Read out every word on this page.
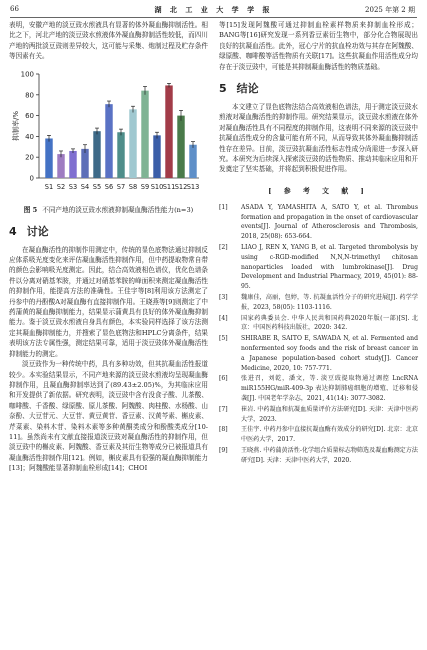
66	湖 北 工 业 大 学 学 报	2025 年第 2 期

表明，安徽产地的淡豆豉水煎液具有显著的体外凝血酶抑制活性。相比之下，河北产地的淡豆豉水煎液体外凝血酶抑制活性较低，而四川产地的两批淡豆豉则差异较大，这可能与采集、炮制过程及贮存条件等因素有关。

0
20
40
60
80
100
抑制率/%
S1 S2 S3 S4 S5 S6 S7 S8 S9 S10 S11 S12 S13
图 5 不同产地的淡豆豉水煎液抑制凝血酶活性能力(n=3)
4 讨论

在凝血酶活性的抑制作用测定中，传统的显色底物法通过抑制反应体系吸光度变化来评估凝血酶活性抑制作用，但中药提取物常自带的颜色会影响吸光度测定。因此，结合高效液相色谱仪，优化色谱条件以分离对硝基苯胺，并通过对硝基苯胺的峰面积来测定凝血酶活性的抑制作用，能提高方法的准确性。王佳宇等[8]利用该方法测定了丹参中的丹酚酸A对凝血酶有直接抑制作用。王晓燕等[9]则测定了中药蒲黄的凝血酶抑制能力，结果显示蒲黄具有良好的体外凝血酶抑制能力。鉴于淡豆豉水煎液自身具有颜色，本实验同样选择了该方法测定其凝血酶抑制能力，并搜索了显色底物法和HPLC分离条件，结果表明该方法专属性强，测定结果可靠，适用于淡豆豉体外凝血酶活性抑制能力的测定。

淡豆豉作为一种传统中药，具有多种功效，但其抗凝血活性报道较少。本实验结果显示，不同产地来源的淡豆豉水煎液均呈现凝血酶抑制作用，且凝血酶抑制率达到了(89.43±2.05)%，为其临床应用和开发提供了新依据。研究表明，淡豆豉中含有没食子酸、儿茶酸、咖啡酸、千香酸、绿原酸、原儿茶酸、阿魏酸、肉桂酸、水杨酸、山奈酚、大豆苷元、大豆苷、黄豆黄苷、香豆素、汉黄芩素、槲皮素、芹菜素、染料木苷、染料木素等多种黄酮类成分和酚酸类成分[10-11]。虽然尚未有文献直接报道淡豆豉对凝血酶活性的抑制作用，但淡豆豉中的槲皮素、阿魏酸、香豆素及其衍生物等成分已被报道具有凝血酶活性抑制作用[12]。例如，槲皮素具有很强的凝血酶抑制能力[13]；阿魏酸能显著抑制血栓形成[14]；CHOI

等[15]发现阿魏酸可通过抑制血栓素样物质来抑制血栓形成；BANG等[16]研究发现一系列香豆素衍生物中，部分化合物展现出良好的抗凝血活性。此外，冠心宁片的抗血栓功效与其存在阿魏酸、绿原酸、咖啡酸等活性物质有关联[17]。这些抗凝血作用活性成分均存在于淡豆豉中，可能是其抑制凝血酶活性的物质基础。

5 结论

本文建立了显色底物法结合高效液相色谱法，用于测定淡豆豉水煎液对凝血酶活性的抑制作用。研究结果显示，淡豆豉水煎液在体外对凝血酶活性具有不同程度的抑制作用，这表明不同来源的淡豆豉中抗凝血活性成分的含量可能有所不同，从而导致其体外凝血酶抑制活性存在差异。目前，淡豆豉抗凝血活性标志性成分尚需进一步深入研究。本研究为后续深入探索淡豆豉的活性物质、推动其临床应用和开发奠定了坚实基础，并将起到积极促进作用。

[ 参 考 文 献 ]
[1] ASADA Y, YAMASHITA A, SATO Y, et al. Thrombus formation and propagation in the onset of cardiovascular events[J]. Journal of Atherosclerosis and Thrombosis, 2018, 25(08): 653-664.
[2] LIAO J, REN X, YANG B, et al. Targeted thrombolysis by using c-RGD-modified N,N,N-trimethyl chitosan nanoparticles loaded with lumbrokinase[J]. Drug Development and Industrial Pharmacy, 2019, 45(01): 88-95.
[3] 魏康佳，高丽，包婷，等. 抗凝血活性分子的研究进展[J]. 药学学报，2023, 58(05): 1103-1116.
[4] 国家药典委员会. 中华人民共和国药典2020年版(一部)[S]. 北京：中国医药科技出版社，2020: 342.
[5] SHIRABE R, SAITO E, SAWADA N, et al. Fermented and nonfermented soy foods and the risk of breast cancer in a Japanese population-based cohort study[J]. Cancer Medicine, 2020, 10: 757-771.
[6] 张进召，刘乾，潘文，等. 淡豆豉提取物通过调控 LncRNA miR155HG/miR-409-3p 表达抑制肺癌细胞的增殖、迁移和侵袭[J]. 中国老年学杂志，2021, 41(14): 3077-3082.
[7] 崔岩. 中药凝血和抗凝血质量评价方法研究[D]. 天津：天津中医药大学，2023.
[8] 王佳宇. 中药丹参中直接抗凝血酶有效成分的研究[D]. 北京：北京中医药大学，2017.
[9] 王晓燕. 中药蒲黄活性-化学组合质量标志物筛选及凝血酶测定方法研究[D]. 天津：天津中医药大学，2020.
